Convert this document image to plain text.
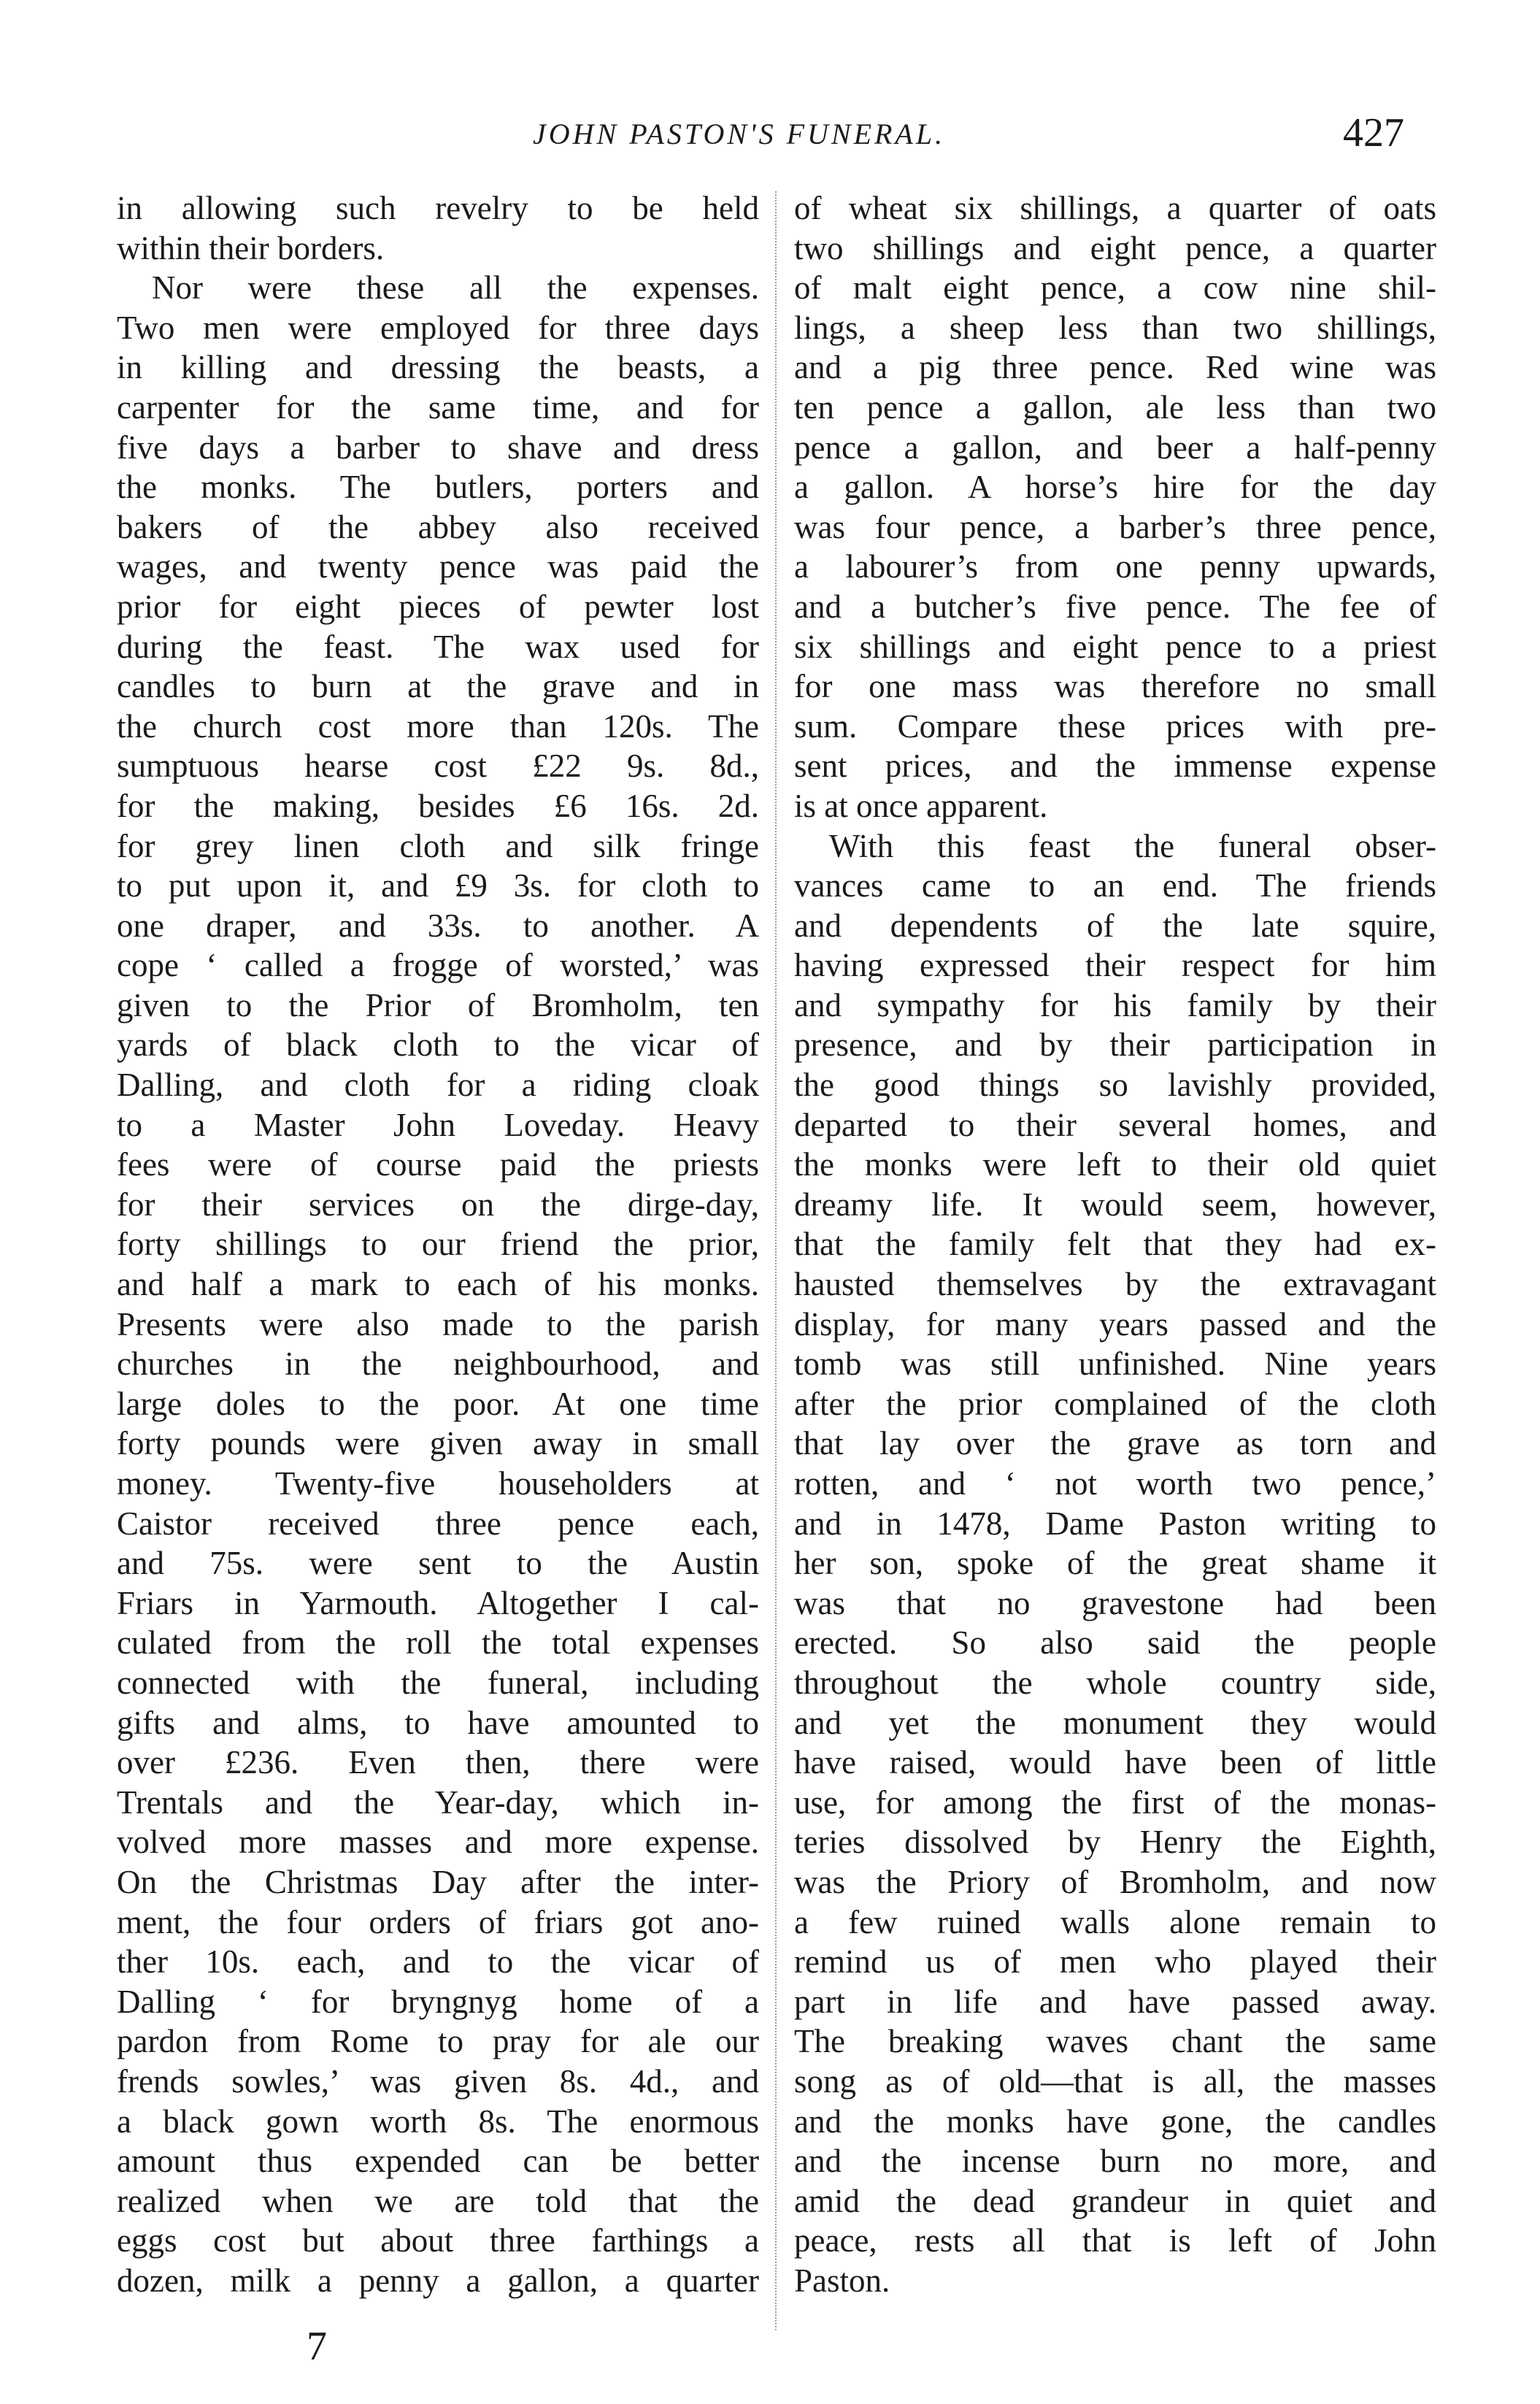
JOHN PASTON'S FUNERAL.	427
in allowing such revelry to be held
within their borders.
Nor were these all the expenses.
Two men were employed for three days
in killing and dressing the beasts, a
carpenter for the same time, and for
five days a barber to shave and dress
the monks. The butlers, porters and
bakers of the abbey also received
wages, and twenty pence was paid the
prior for eight pieces of pewter lost
during the feast. The wax used for
candles to burn at the grave and in
the church cost more than 120s. The
sumptuous hearse cost £22 9s. 8d.,
for the making, besides £6 16s. 2d.
for grey linen cloth and silk fringe
to put upon it, and £9 3s. for cloth to
one draper, and 33s. to another. A
cope ‘ called a frogge of worsted,’ was
given to the Prior of Bromholm, ten
yards of black cloth to the vicar of
Dalling, and cloth for a riding cloak
to a Master John Loveday. Heavy
fees were of course paid the priests
for their services on the dirge-day,
forty shillings to our friend the prior,
and half a mark to each of his monks.
Presents were also made to the parish
churches in the neighbourhood, and
large doles to the poor. At one time
forty pounds were given away in small
money. Twenty-five householders at
Caistor received three pence each,
and 75s. were sent to the Austin
Friars in Yarmouth. Altogether I cal-
culated from the roll the total expenses
connected with the funeral, including
gifts and alms, to have amounted to
over £236. Even then, there were
Trentals and the Year-day, which in-
volved more masses and more expense.
On the Christmas Day after the inter-
ment, the four orders of friars got ano-
ther 10s. each, and to the vicar of
Dalling ‘ for bryngnyg home of a
pardon from Rome to pray for ale our
frends sowles,’ was given 8s. 4d., and
a black gown worth 8s. The enormous
amount thus expended can be better
realized when we are told that the
eggs cost but about three farthings a
dozen, milk a penny a gallon, a quarter
of wheat six shillings, a quarter of oats
two shillings and eight pence, a quarter
of malt eight pence, a cow nine shil-
lings, a sheep less than two shillings,
and a pig three pence. Red wine was
ten pence a gallon, ale less than two
pence a gallon, and beer a half-penny
a gallon. A horse’s hire for the day
was four pence, a barber’s three pence,
a labourer’s from one penny upwards,
and a butcher’s five pence. The fee of
six shillings and eight pence to a priest
for one mass was therefore no small
sum. Compare these prices with pre-
sent prices, and the immense expense
is at once apparent.
With this feast the funeral obser-
vances came to an end. The friends
and dependents of the late squire,
having expressed their respect for him
and sympathy for his family by their
presence, and by their participation in
the good things so lavishly provided,
departed to their several homes, and
the monks were left to their old quiet
dreamy life. It would seem, however,
that the family felt that they had ex-
hausted themselves by the extravagant
display, for many years passed and the
tomb was still unfinished. Nine years
after the prior complained of the cloth
that lay over the grave as torn and
rotten, and ‘ not worth two pence,’
and in 1478, Dame Paston writing to
her son, spoke of the great shame it
was that no gravestone had been
erected. So also said the people
throughout the whole country side,
and yet the monument they would
have raised, would have been of little
use, for among the first of the monas-
teries dissolved by Henry the Eighth,
was the Priory of Bromholm, and now
a few ruined walls alone remain to
remind us of men who played their
part in life and have passed away.
The breaking waves chant the same
song as of old—that is all, the masses
and the monks have gone, the candles
and the incense burn no more, and
amid the dead grandeur in quiet and
peace, rests all that is left of John
Paston.
7
